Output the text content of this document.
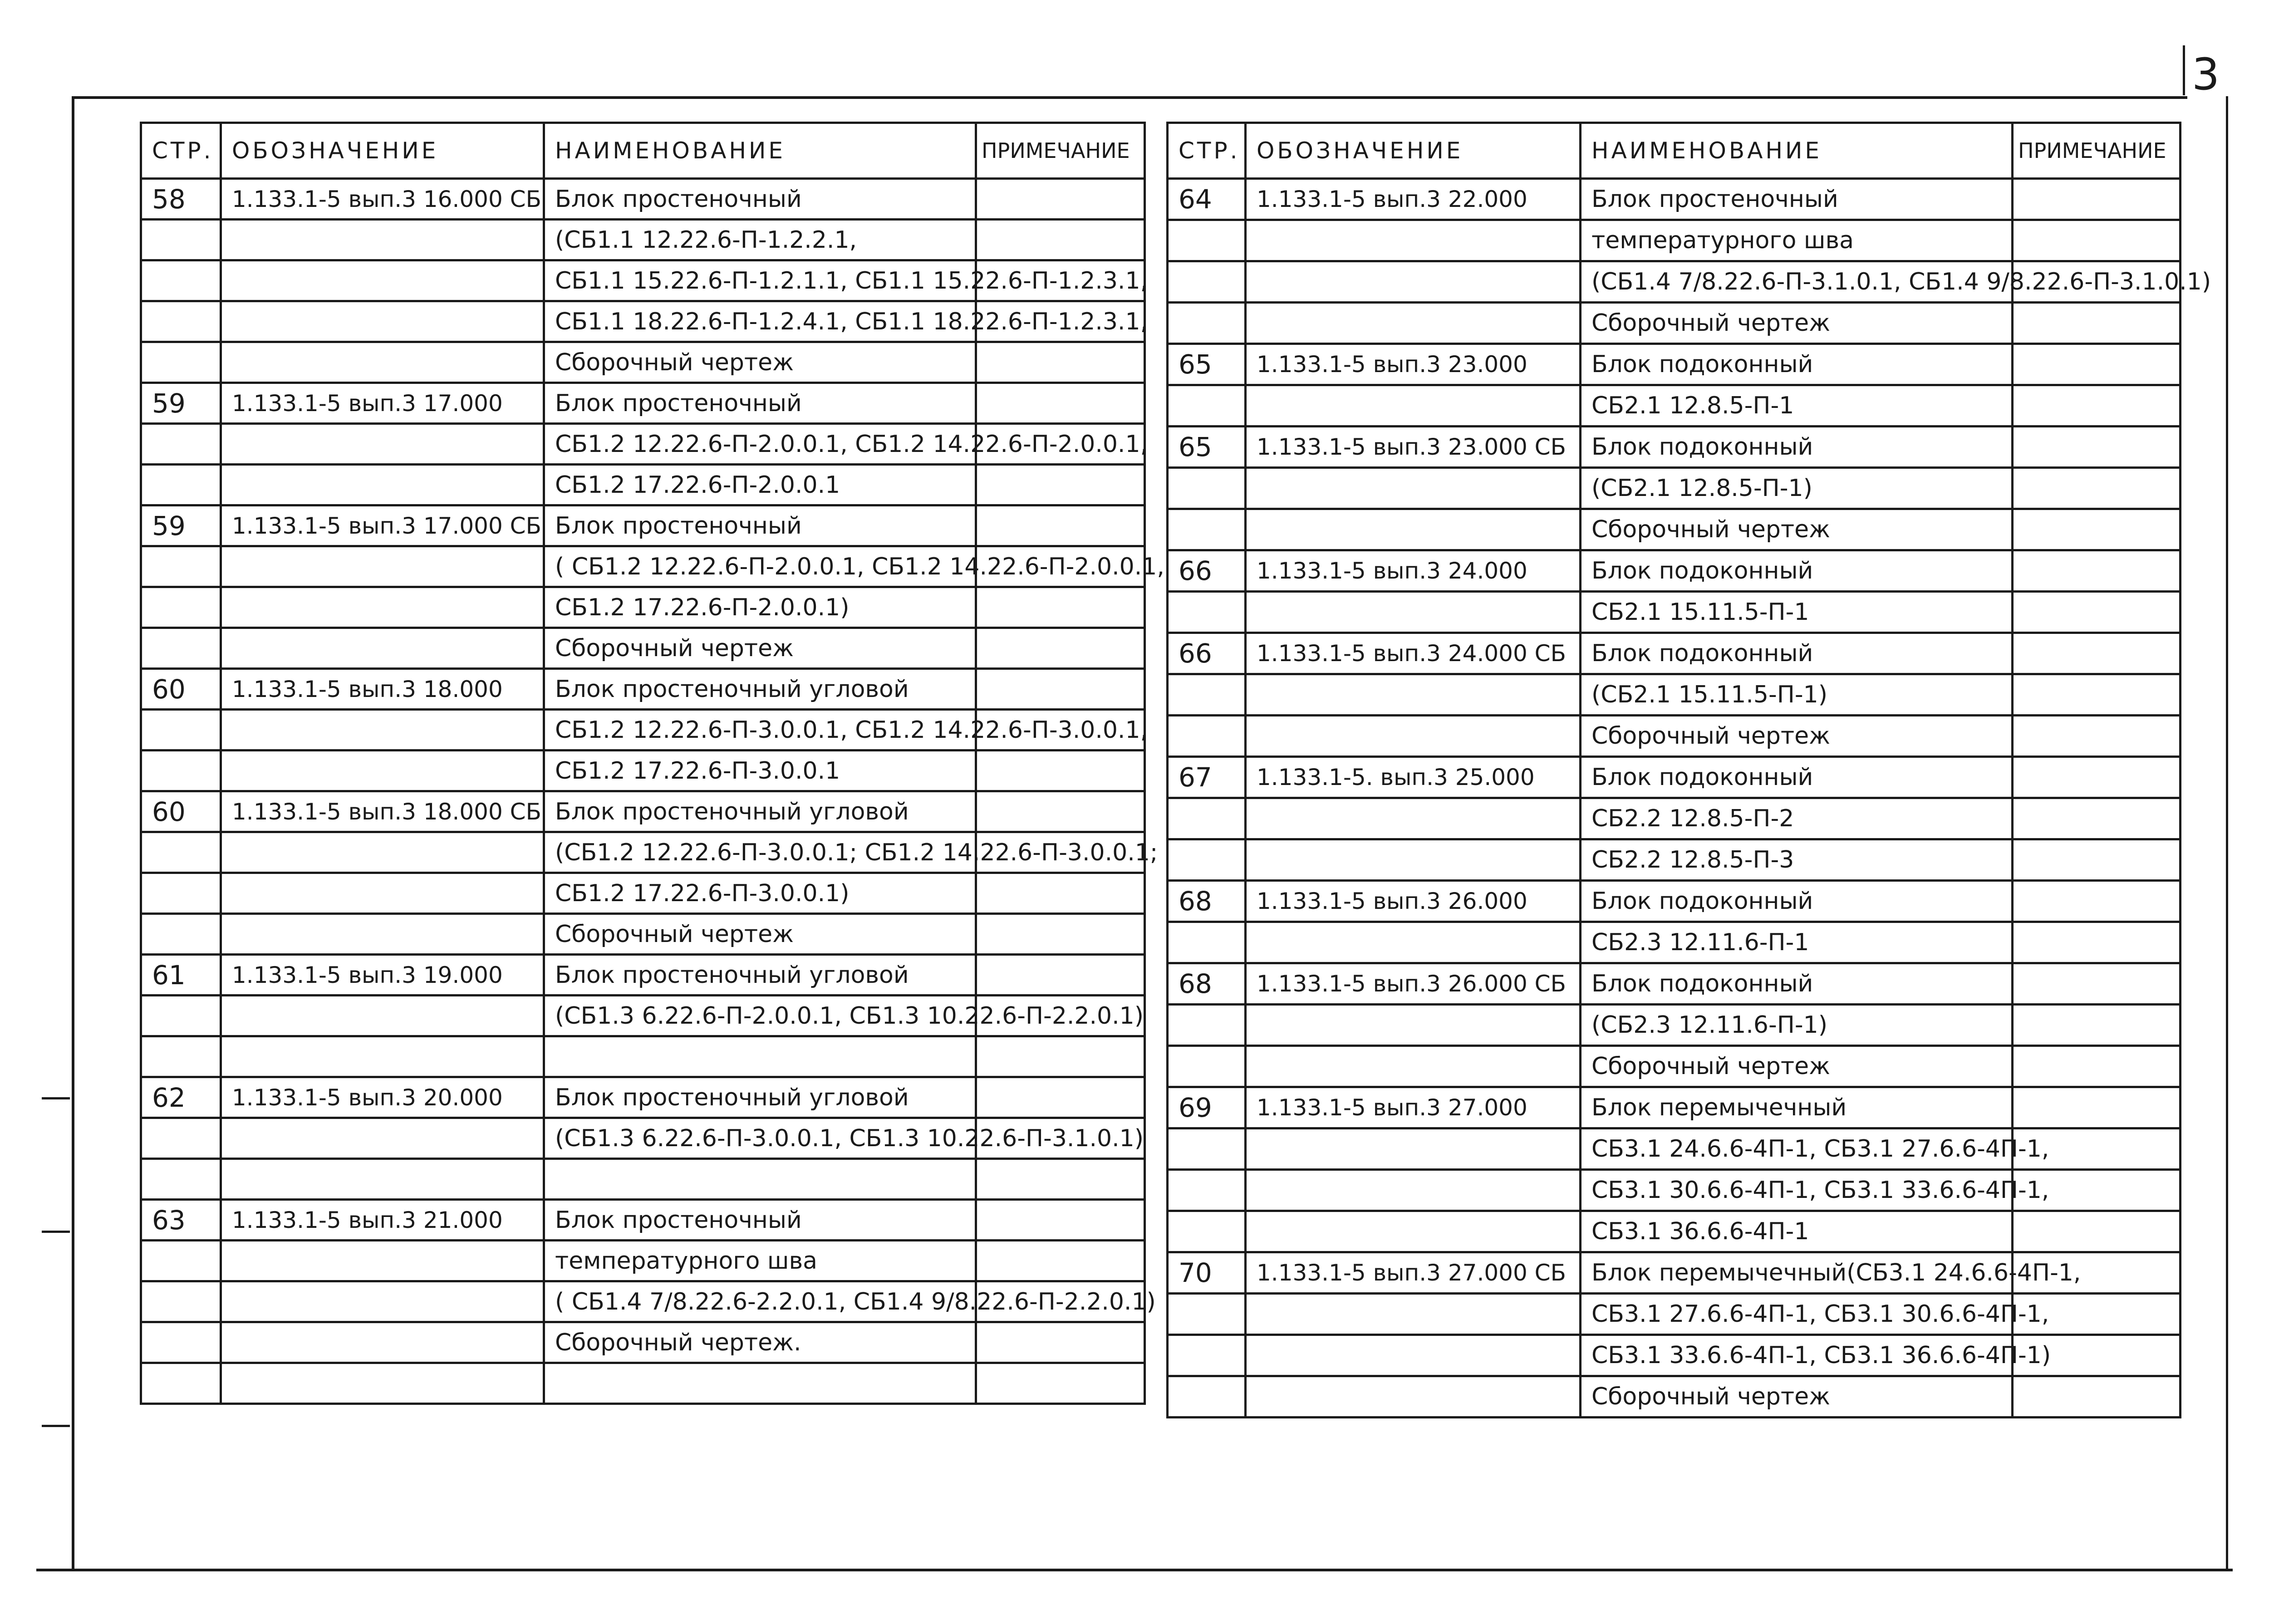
3
СТР.	ОБОЗНАЧЕНИЕ	НАИМЕНОВАНИЕ	ПРИМЕЧАНИЕ
58	1.133.1-5 вып.3 16.000 СБ	Блок простеночный	
		(СБ1.1 12.22.6-П-1.2.2.1,	
		СБ1.1 15.22.6-П-1.2.1.1, СБ1.1 15.22.6-П-1.2.3.1,	
		СБ1.1 18.22.6-П-1.2.4.1, СБ1.1 18.22.6-П-1.2.3.1,	
		Сборочный чертеж	
59	1.133.1-5 вып.3 17.000	Блок простеночный	
		СБ1.2 12.22.6-П-2.0.0.1, СБ1.2 14.22.6-П-2.0.0.1,	
		СБ1.2 17.22.6-П-2.0.0.1	
59	1.133.1-5 вып.3 17.000 СБ	Блок простеночный	
		( СБ1.2 12.22.6-П-2.0.0.1, СБ1.2 14.22.6-П-2.0.0.1,	
		СБ1.2 17.22.6-П-2.0.0.1)	
		Сборочный чертеж	
60	1.133.1-5 вып.3 18.000	Блок простеночный угловой	
		СБ1.2 12.22.6-П-3.0.0.1, СБ1.2 14.22.6-П-3.0.0.1,	
		СБ1.2 17.22.6-П-3.0.0.1	
60	1.133.1-5 вып.3 18.000 СБ	Блок простеночный угловой	
		(СБ1.2 12.22.6-П-3.0.0.1; СБ1.2 14.22.6-П-3.0.0.1;	
		СБ1.2 17.22.6-П-3.0.0.1)	
		Сборочный чертеж	
61	1.133.1-5 вып.3 19.000	Блок простеночный угловой	
		(СБ1.3 6.22.6-П-2.0.0.1, СБ1.3 10.22.6-П-2.2.0.1)	

62	1.133.1-5 вып.3 20.000	Блок простеночный угловой	
		(СБ1.3 6.22.6-П-3.0.0.1, СБ1.3 10.22.6-П-3.1.0.1)	

63	1.133.1-5 вып.3 21.000	Блок простеночный	
		температурного шва	
		( СБ1.4 7/8.22.6-2.2.0.1, СБ1.4 9/8.22.6-П-2.2.0.1)	
		Сборочный чертеж.	

СТР.	ОБОЗНАЧЕНИЕ	НАИМЕНОВАНИЕ	ПРИМЕЧАНИЕ
64	1.133.1-5 вып.3 22.000	Блок простеночный	
		температурного шва	
		(СБ1.4 7/8.22.6-П-3.1.0.1, СБ1.4 9/8.22.6-П-3.1.0.1)	
		Сборочный чертеж	
65	1.133.1-5 вып.3 23.000	Блок подоконный	
		СБ2.1 12.8.5-П-1	
65	1.133.1-5 вып.3 23.000 СБ	Блок подоконный	
		(СБ2.1 12.8.5-П-1)	
		Сборочный чертеж	
66	1.133.1-5 вып.3 24.000	Блок подоконный	
		СБ2.1 15.11.5-П-1	
66	1.133.1-5 вып.3 24.000 СБ	Блок подоконный	
		(СБ2.1 15.11.5-П-1)	
		Сборочный чертеж	
67	1.133.1-5. вып.3 25.000	Блок подоконный	
		СБ2.2 12.8.5-П-2	
		СБ2.2 12.8.5-П-3	
68	1.133.1-5 вып.3 26.000	Блок подоконный	
		СБ2.3 12.11.6-П-1	
68	1.133.1-5 вып.3 26.000 СБ	Блок подоконный	
		(СБ2.3 12.11.6-П-1)	
		Сборочный чертеж	
69	1.133.1-5 вып.3 27.000	Блок перемычечный	
		СБ3.1 24.6.6-4П-1, СБ3.1 27.6.6-4П-1,	
		СБ3.1 30.6.6-4П-1, СБ3.1 33.6.6-4П-1,	
		СБ3.1 36.6.6-4П-1	
70	1.133.1-5 вып.3 27.000 СБ	Блок перемычечный(СБ3.1 24.6.6-4П-1,	
		СБ3.1 27.6.6-4П-1, СБ3.1 30.6.6-4П-1,	
		СБ3.1 33.6.6-4П-1, СБ3.1 36.6.6-4П-1)	
		Сборочный чертеж	
